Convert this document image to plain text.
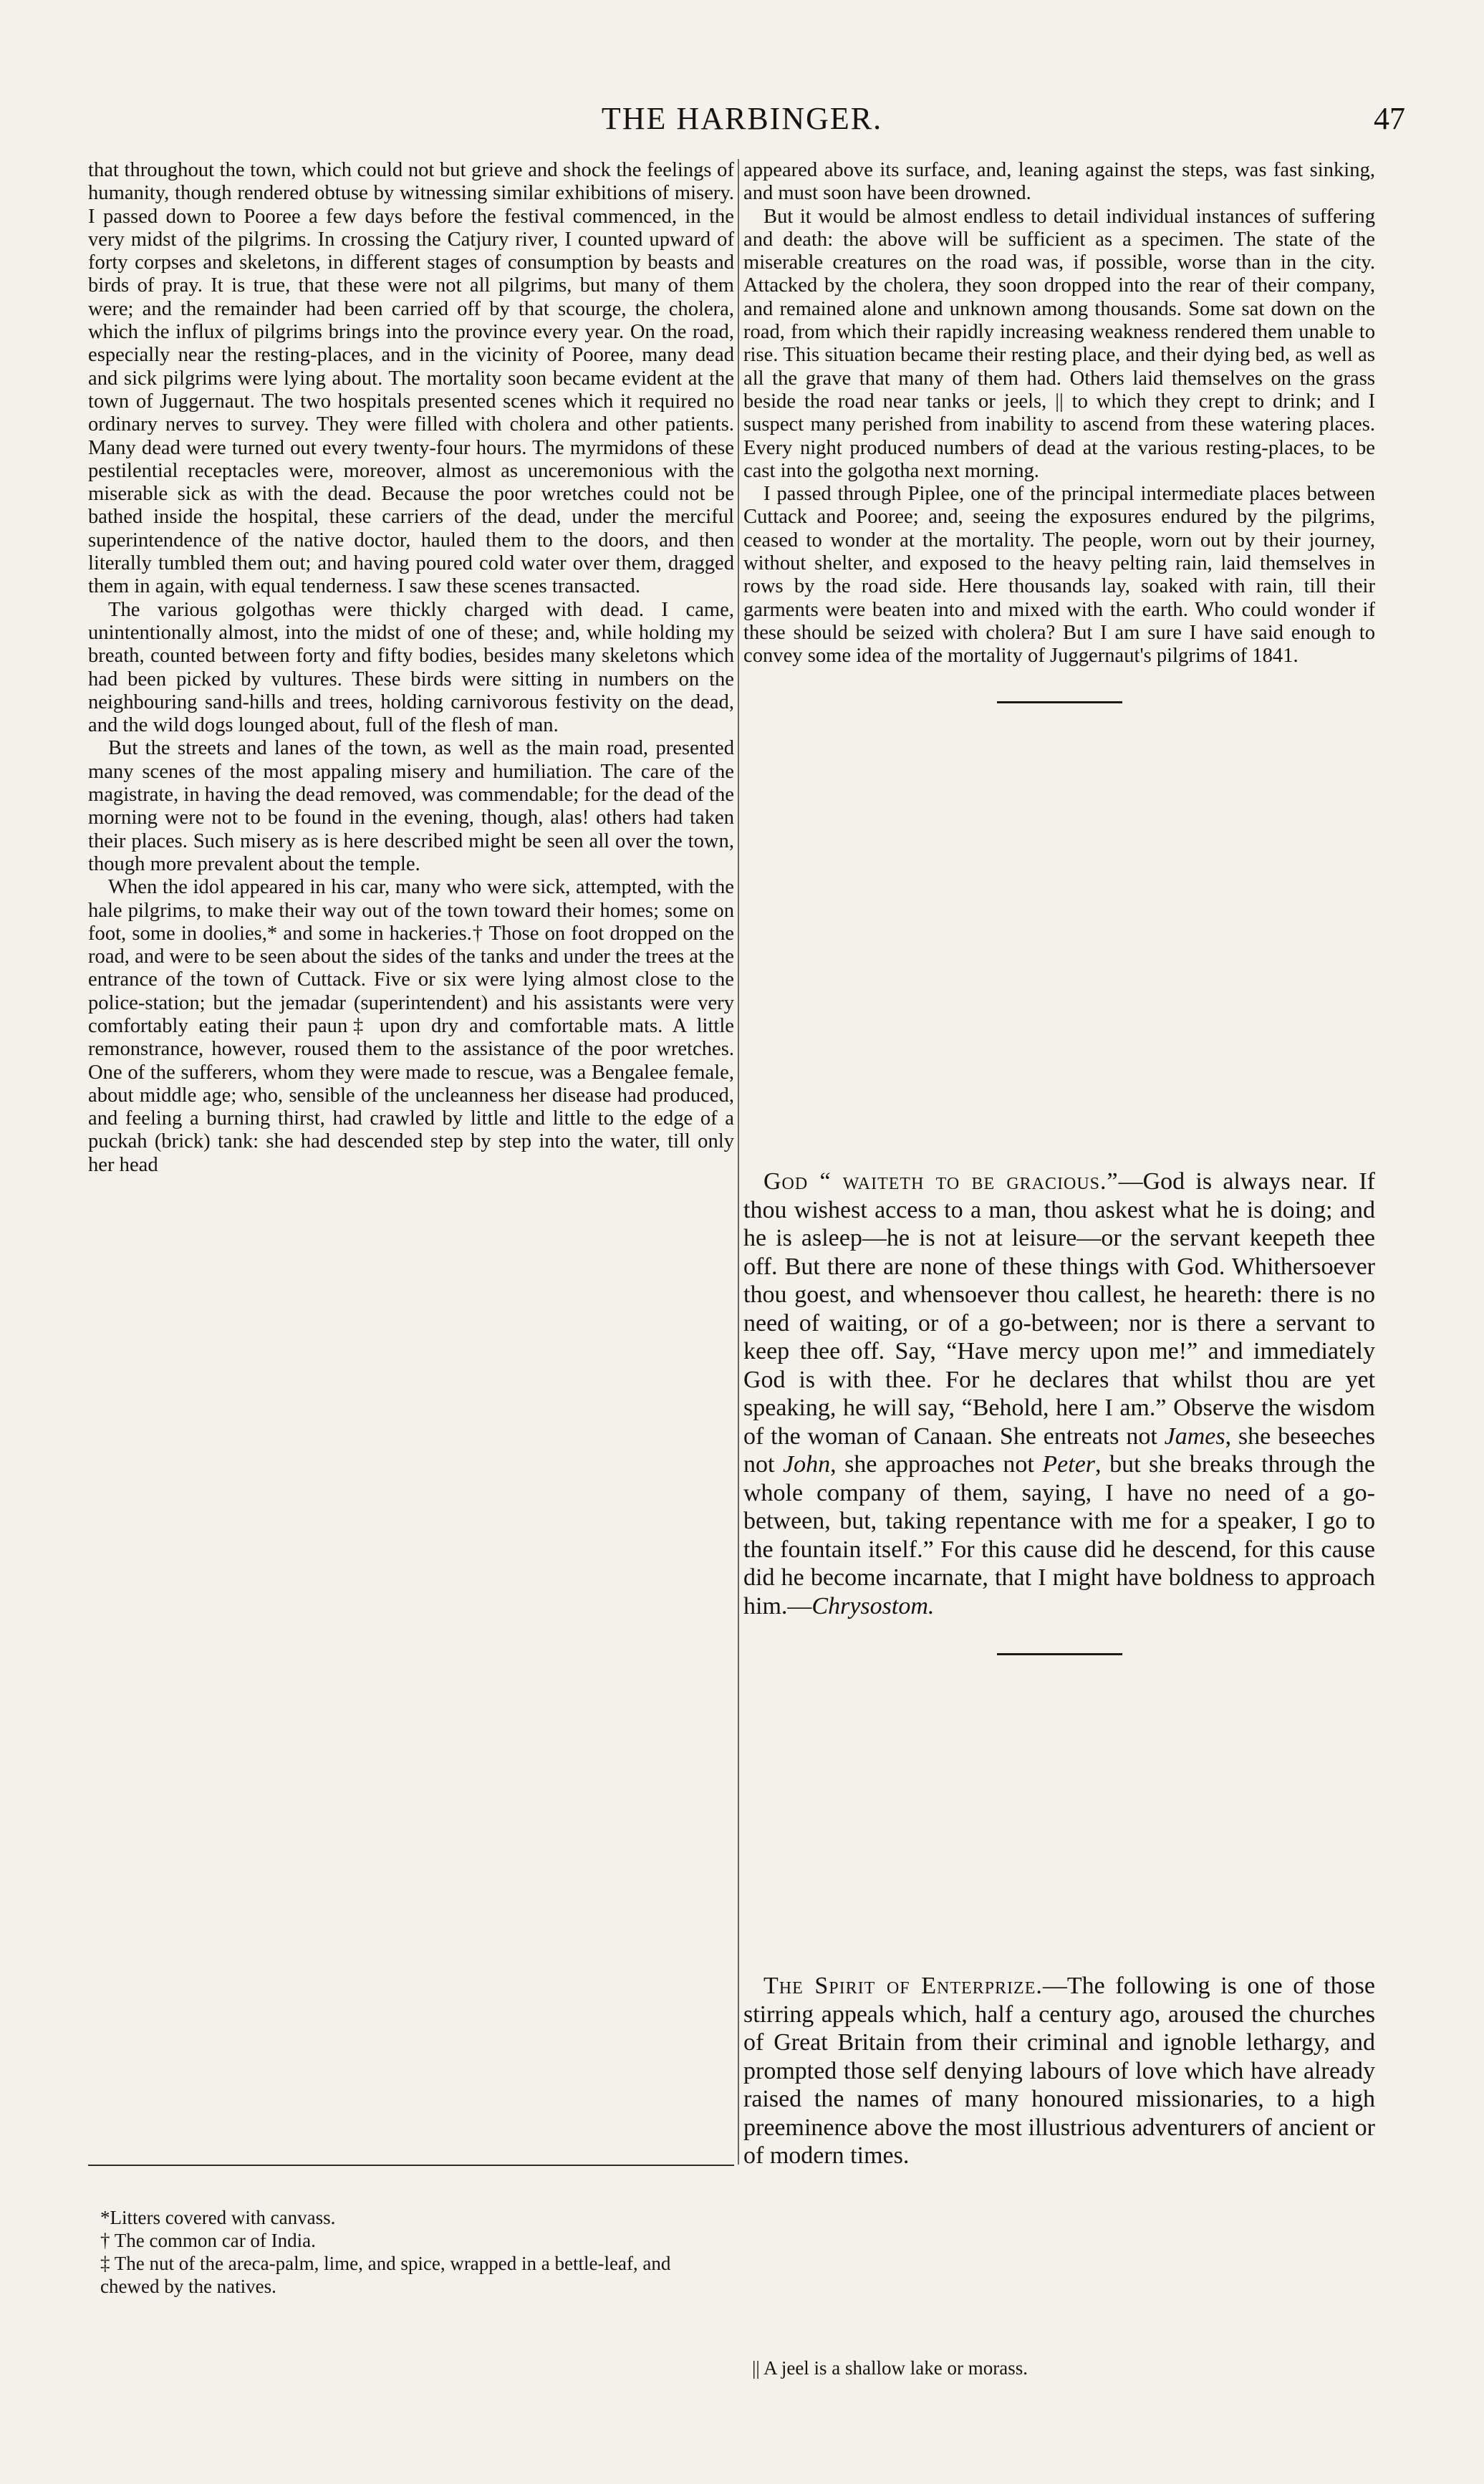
THE HARBINGER.	47

that throughout the town, which could not but grieve and shock the feelings of humanity, though rendered obtuse by witnessing similar exhibitions of misery. I passed down to Pooree a few days before the festival commenced, in the very midst of the pilgrims. In crossing the Catjury river, I counted upward of forty corpses and skeletons, in different stages of consumption by beasts and birds of pray. It is true, that these were not all pilgrims, but many of them were; and the remainder had been carried off by that scourge, the cholera, which the influx of pilgrims brings into the province every year. On the road, especially near the resting-places, and in the vicinity of Pooree, many dead and sick pilgrims were lying about. The mortality soon became evident at the town of Juggernaut. The two hospitals presented scenes which it required no ordinary nerves to survey. They were filled with cholera and other patients. Many dead were turned out every twenty-four hours. The myrmidons of these pestilential receptacles were, moreover, almost as unceremonious with the miserable sick as with the dead. Because the poor wretches could not be bathed inside the hospital, these carriers of the dead, under the merciful superintendence of the native doctor, hauled them to the doors, and then literally tumbled them out; and having poured cold water over them, dragged them in again, with equal tenderness. I saw these scenes transacted.

The various golgothas were thickly charged with dead. I came, unintentionally almost, into the midst of one of these; and, while holding my breath, counted between forty and fifty bodies, besides many skeletons which had been picked by vultures. These birds were sitting in numbers on the neighbouring sand-hills and trees, holding carnivorous festivity on the dead, and the wild dogs lounged about, full of the flesh of man.

But the streets and lanes of the town, as well as the main road, presented many scenes of the most appaling misery and humiliation. The care of the magistrate, in having the dead removed, was commendable; for the dead of the morning were not to be found in the evening, though, alas! others had taken their places. Such misery as is here described might be seen all over the town, though more prevalent about the temple.

When the idol appeared in his car, many who were sick, attempted, with the hale pilgrims, to make their way out of the town toward their homes; some on foot, some in doolies,* and some in hackeries.† Those on foot dropped on the road, and were to be seen about the sides of the tanks and under the trees at the entrance of the town of Cuttack. Five or six were lying almost close to the police-station; but the jemadar (superintendent) and his assistants were very comfortably eating their paun‡ upon dry and comfortable mats. A little remonstrance, however, roused them to the assistance of the poor wretches. One of the sufferers, whom they were made to rescue, was a Bengalee female, about middle age; who, sensible of the uncleanness her disease had produced, and feeling a burning thirst, had crawled by little and little to the edge of a puckah (brick) tank: she had descended step by step into the water, till only her head

appeared above its surface, and, leaning against the steps, was fast sinking, and must soon have been drowned.

But it would be almost endless to detail individual instances of suffering and death: the above will be sufficient as a specimen. The state of the miserable creatures on the road was, if possible, worse than in the city. Attacked by the cholera, they soon dropped into the rear of their company, and remained alone and unknown among thousands. Some sat down on the road, from which their rapidly increasing weakness rendered them unable to rise. This situation became their resting place, and their dying bed, as well as all the grave that many of them had. Others laid themselves on the grass beside the road near tanks or jeels, || to which they crept to drink; and I suspect many perished from inability to ascend from these watering places. Every night produced numbers of dead at the various resting-places, to be cast into the golgotha next morning.

I passed through Piplee, one of the principal intermediate places between Cuttack and Pooree; and, seeing the exposures endured by the pilgrims, ceased to wonder at the mortality. The people, worn out by their journey, without shelter, and exposed to the heavy pelting rain, laid themselves in rows by the road side. Here thousands lay, soaked with rain, till their garments were beaten into and mixed with the earth. Who could wonder if these should be seized with cholera? But I am sure I have said enough to convey some idea of the mortality of Juggernaut's pilgrims of 1841.

God “ waiteth to be gracious.”—God is always near. If thou wishest access to a man, thou askest what he is doing; and he is asleep—he is not at leisure—or the servant keepeth thee off. But there are none of these things with God. Whithersoever thou goest, and whensoever thou callest, he heareth: there is no need of waiting, or of a go-between; nor is there a servant to keep thee off. Say, “Have mercy upon me!” and immediately God is with thee. For he declares that whilst thou are yet speaking, he will say, “Behold, here I am.” Observe the wisdom of the woman of Canaan. She entreats not James, she beseeches not John, she approaches not Peter, but she breaks through the whole company of them, saying, I have no need of a go-between, but, taking repentance with me for a speaker, I go to the fountain itself.” For this cause did he descend, for this cause did he become incarnate, that I might have boldness to approach him.—Chrysostom.

The Spirit of Enterprize.—The following is one of those stirring appeals which, half a century ago, aroused the churches of Great Britain from their criminal and ignoble lethargy, and prompted those self denying labours of love which have already raised the names of many honoured missionaries, to a high preeminence above the most illustrious adventurers of ancient or of modern times.

*Litters covered with canvass.
† The common car of India.
‡ The nut of the areca-palm, lime, and spice, wrapped in a bettle-leaf, and chewed by the natives.
|| A jeel is a shallow lake or morass.
